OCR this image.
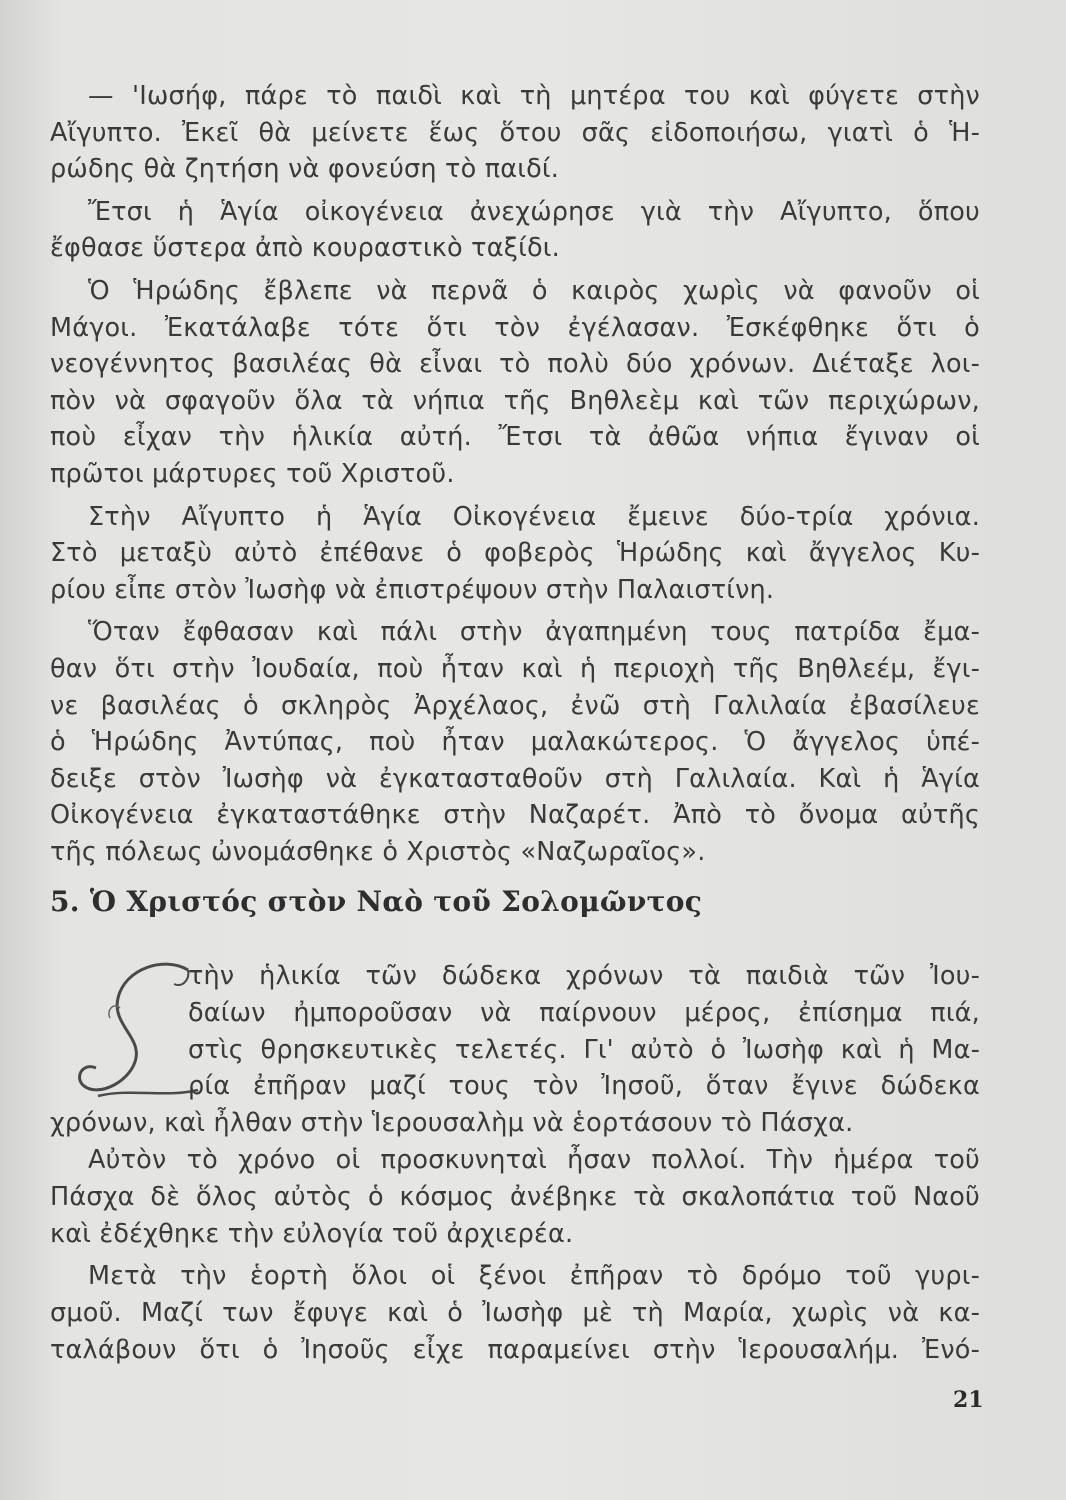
— 'Ιωσήφ, πάρε τὸ παιδὶ καὶ τὴ μητέρα του καὶ φύγετε στὴν
Αἴγυπτο. Ἐκεῖ θὰ μείνετε ἕως ὅτου σᾶς εἰδοποιήσω, γιατὶ ὁ Ἡ-
ρώδης θὰ ζητήση νὰ φονεύση τὸ παιδί.
Ἔτσι ἡ Ἁγία οἰκογένεια ἀνεχώρησε γιὰ τὴν Αἴγυπτο, ὅπου
ἔφθασε ὕστερα ἀπὸ κουραστικὸ ταξίδι.
Ὁ Ἡρώδης ἔβλεπε νὰ περνᾶ ὁ καιρὸς χωρὶς νὰ φανοῦν οἱ
Μάγοι. Ἐκατάλαβε τότε ὅτι τὸν ἐγέλασαν. Ἐσκέφθηκε ὅτι ὁ
νεογέννητος βασιλέας θὰ εἶναι τὸ πολὺ δύο χρόνων. Διέταξε λοι-
πὸν νὰ σφαγοῦν ὅλα τὰ νήπια τῆς Βηθλεὲμ καὶ τῶν περιχώρων,
ποὺ εἶχαν τὴν ἡλικία αὐτή. Ἔτσι τὰ ἀθῶα νήπια ἔγιναν οἱ
πρῶτοι μάρτυρες τοῦ Χριστοῦ.
Στὴν Αἴγυπτο ἡ Ἁγία Οἰκογένεια ἔμεινε δύο-τρία χρόνια.
Στὸ μεταξὺ αὐτὸ ἐπέθανε ὁ φοβερὸς Ἡρώδης καὶ ἄγγελος Κυ-
ρίου εἶπε στὸν Ἰωσὴφ νὰ ἐπιστρέψουν στὴν Παλαιστίνη.
Ὅταν ἔφθασαν καὶ πάλι στὴν ἀγαπημένη τους πατρίδα ἔμα-
θαν ὅτι στὴν Ἰουδαία, ποὺ ἦταν καὶ ἡ περιοχὴ τῆς Βηθλεέμ, ἔγι-
νε βασιλέας ὁ σκληρὸς Ἀρχέλαος, ἐνῶ στὴ Γαλιλαία ἐβασίλευε
ὁ Ἡρώδης Ἀντύπας, ποὺ ἦταν μαλακώτερος. Ὁ ἄγγελος ὑπέ-
δειξε στὸν Ἰωσὴφ νὰ ἐγκατασταθοῦν στὴ Γαλιλαία. Καὶ ἡ Ἁγία
Οἰκογένεια ἐγκαταστάθηκε στὴν Ναζαρέτ. Ἀπὸ τὸ ὄνομα αὐτῆς
τῆς πόλεως ὠνομάσθηκε ὁ Χριστὸς «Ναζωραῖος».
5. Ὁ Χριστός στὸν Ναὸ τοῦ Σολομῶντος
τὴν ἡλικία τῶν δώδεκα χρόνων τὰ παιδιὰ τῶν Ἰου-
δαίων ἠμποροῦσαν νὰ παίρνουν μέρος, ἐπίσημα πιά,
στὶς θρησκευτικὲς τελετές. Γι' αὐτὸ ὁ Ἰωσὴφ καὶ ἡ Μα-
ρία ἐπῆραν μαζί τους τὸν Ἰησοῦ, ὅταν ἔγινε δώδεκα
χρόνων, καὶ ἦλθαν στὴν Ἱερουσαλὴμ νὰ ἑορτάσουν τὸ Πάσχα.
Αὐτὸν τὸ χρόνο οἱ προσκυνηταὶ ἦσαν πολλοί. Τὴν ἡμέρα τοῦ
Πάσχα δὲ ὅλος αὐτὸς ὁ κόσμος ἀνέβηκε τὰ σκαλοπάτια τοῦ Ναοῦ
καὶ ἐδέχθηκε τὴν εὐλογία τοῦ ἀρχιερέα.
Μετὰ τὴν ἑορτὴ ὅλοι οἱ ξένοι ἐπῆραν τὸ δρόμο τοῦ γυρι-
σμοῦ. Μαζί των ἔφυγε καὶ ὁ Ἰωσὴφ μὲ τὴ Μαρία, χωρὶς νὰ κα-
ταλάβουν ὅτι ὁ Ἰησοῦς εἶχε παραμείνει στὴν Ἱερουσαλήμ. Ἐνό-
21
